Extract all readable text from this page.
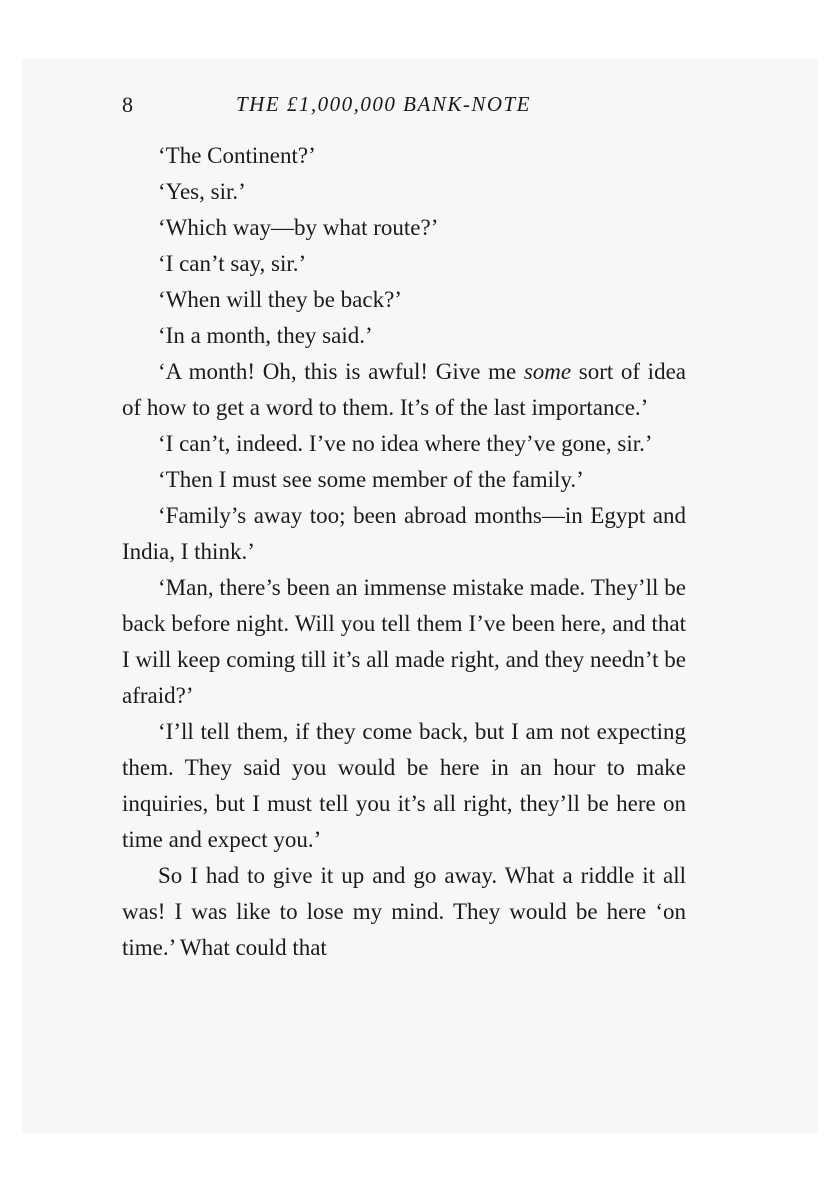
8	THE £1,000,000 BANK-NOTE

‘The Continent?’

‘Yes, sir.’

‘Which way—by what route?’

‘I can’t say, sir.’

‘When will they be back?’

‘In a month, they said.’

‘A month! Oh, this is awful! Give me some sort of idea of how to get a word to them. It’s of the last importance.’

‘I can’t, indeed. I’ve no idea where they’ve gone, sir.’

‘Then I must see some member of the family.’

‘Family’s away too; been abroad months—in Egypt and India, I think.’

‘Man, there’s been an immense mistake made. They’ll be back before night. Will you tell them I’ve been here, and that I will keep coming till it’s all made right, and they needn’t be afraid?’

‘I’ll tell them, if they come back, but I am not expecting them. They said you would be here in an hour to make inquiries, but I must tell you it’s all right, they’ll be here on time and expect you.’

So I had to give it up and go away. What a riddle it all was! I was like to lose my mind. They would be here ‘on time.’ What could that
